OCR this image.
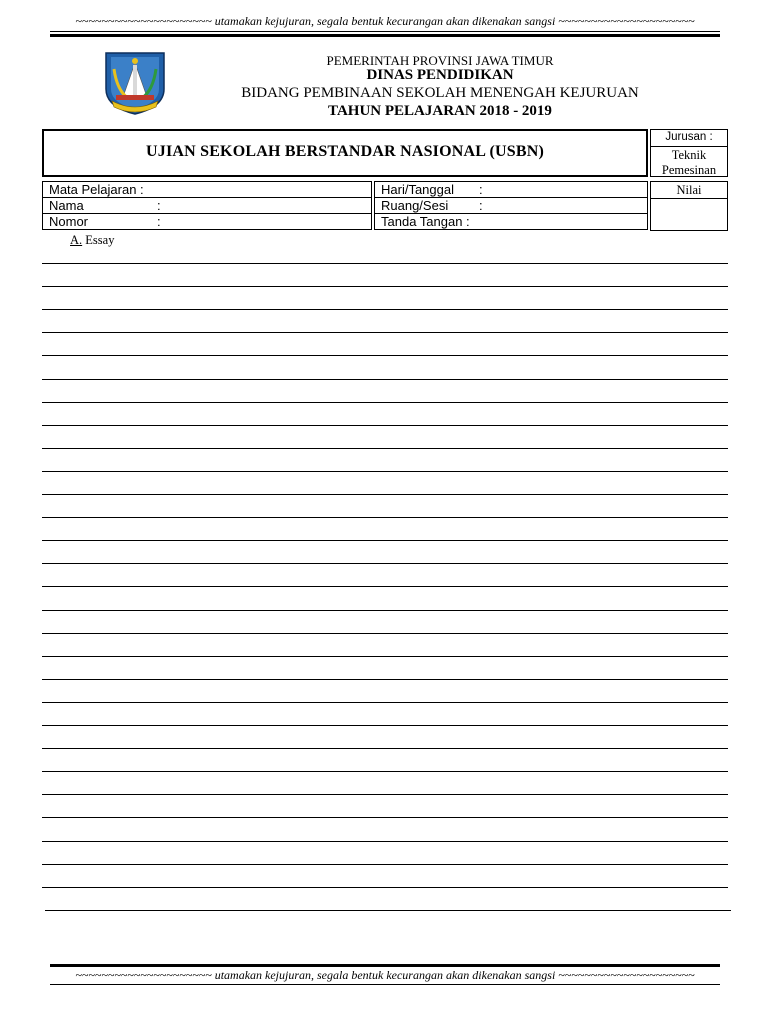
~~~~~~~~~~~~~~~~~~~~~ utamakan kejujuran, segala bentuk kecurangan akan dikenakan sangsi ~~~~~~~~~~~~~~~~~~~~~
PEMERINTAH PROVINSI JAWA TIMUR
DINAS PENDIDIKAN
BIDANG PEMBINAAN SEKOLAH MENENGAH KEJURUAN
TAHUN PELAJARAN 2018 - 2019
UJIAN SEKOLAH BERSTANDAR NASIONAL (USBN)
Jurusan :
Teknik
Pemesinan
Nilai
Mata Pelajaran :
Nama	:
Nomor	:
Hari/Tanggal :
Ruang/Sesi :
Tanda Tangan :
A. Essay
~~~~~~~~~~~~~~~~~~~~~ utamakan kejujuran, segala bentuk kecurangan akan dikenakan sangsi ~~~~~~~~~~~~~~~~~~~~~
